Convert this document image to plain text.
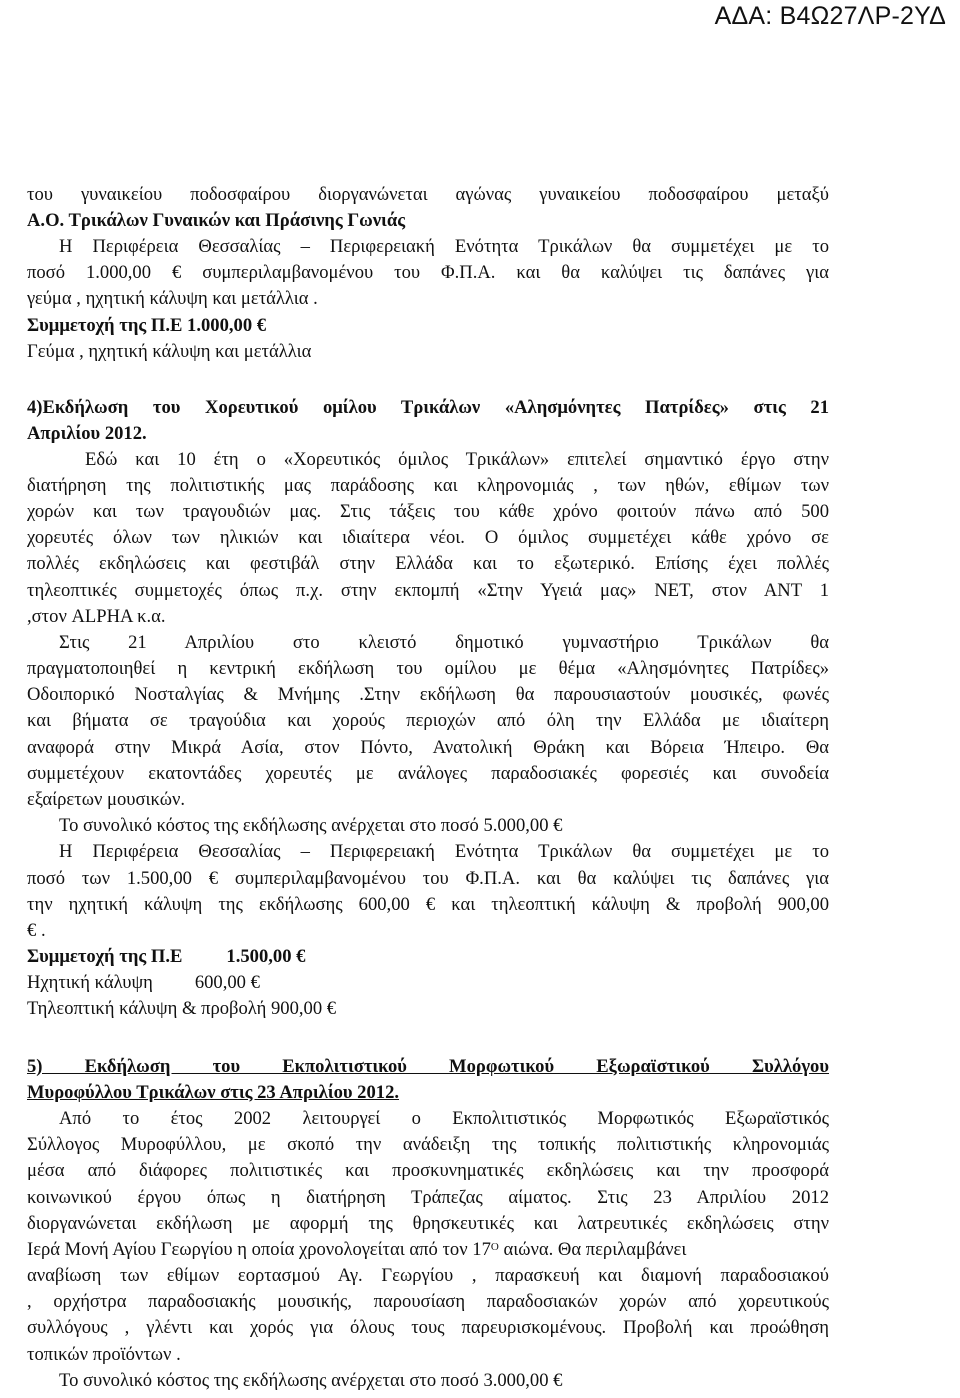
ΑΔΑ: Β4Ω27ΛΡ-2ΥΔ
του γυναικείου ποδοσφαίρου διοργανώνεται αγώνας γυναικείου ποδοσφαίρου μεταξύ
Α.Ο. Τρικάλων Γυναικών και Πράσινης Γωνιάς
Η Περιφέρεια Θεσσαλίας – Περιφερειακή Ενότητα Τρικάλων θα συμμετέχει με το
ποσό 1.000,00 € συμπεριλαμβανομένου του Φ.Π.Α. και θα καλύψει τις δαπάνες για
γεύμα , ηχητική κάλυψη και μετάλλια .
Συμμετοχή της Π.Ε 1.000,00 €
Γεύμα , ηχητική κάλυψη και μετάλλια
4)Εκδήλωση του Χορευτικού ομίλου Τρικάλων «Αλησμόνητες Πατρίδες» στις 21
Απριλίου 2012.
Εδώ και 10 έτη ο «Χορευτικός όμιλος Τρικάλων» επιτελεί σημαντικό έργο στην
διατήρηση της πολιτιστικής μας παράδοσης και κληρονομιάς , των ηθών, εθίμων των
χορών και των τραγουδιών μας. Στις τάξεις του κάθε χρόνο φοιτούν πάνω από 500
χορευτές όλων των ηλικιών και ιδιαίτερα νέοι. Ο όμιλος συμμετέχει κάθε χρόνο σε
πολλές εκδηλώσεις και φεστιβάλ στην Ελλάδα και το εξωτερικό. Επίσης έχει πολλές
τηλεοπτικές συμμετοχές όπως π.χ. στην εκπομπή «Στην Υγειά μας» ΝΕΤ, στον ΑΝΤ 1
,στον ALPHA κ.α.
Στις 21 Απριλίου στο κλειστό δημοτικό γυμναστήριο Τρικάλων θα
πραγματοποιηθεί η κεντρική εκδήλωση του ομίλου με θέμα «Αλησμόνητες Πατρίδες»
Οδοιπορικό Νοσταλγίας & Μνήμης .Στην εκδήλωση θα παρουσιαστούν μουσικές, φωνές
και βήματα σε τραγούδια και χορούς περιοχών από όλη την Ελλάδα με ιδιαίτερη
αναφορά στην Μικρά Ασία, στον Πόντο, Ανατολική Θράκη και Βόρεια Ήπειρο. Θα
συμμετέχουν εκατοντάδες χορευτές με ανάλογες παραδοσιακές φορεσιές και συνοδεία
εξαίρετων μουσικών.
Το συνολικό κόστος της εκδήλωσης ανέρχεται στο ποσό 5.000,00 €
Η Περιφέρεια Θεσσαλίας – Περιφερειακή Ενότητα Τρικάλων θα συμμετέχει με το
ποσό των 1.500,00 € συμπεριλαμβανομένου του Φ.Π.Α. και θα καλύψει τις δαπάνες για
την ηχητική κάλυψη της εκδήλωσης 600,00 € και τηλεοπτική κάλυψη & προβολή 900,00
€ .
Συμμετοχή της Π.Ε 1.500,00 €
Ηχητική κάλυψη 600,00 €
Τηλεοπτική κάλυψη & προβολή 900,00 €
5) Εκδήλωση του Εκπολιτιστικού Μορφωτικού Εξωραϊστικού Συλλόγου
Μυροφύλλου Τρικάλων στις 23 Απριλίου 2012.
Από το έτος 2002 λειτουργεί ο Εκπολιτιστικός Μορφωτικός Εξωραϊστικός
Σύλλογος Μυροφύλλου, με σκοπό την ανάδειξη της τοπικής πολιτιστικής κληρονομιάς
μέσα από διάφορες πολιτιστικές και προσκυνηματικές εκδηλώσεις και την προσφορά
κοινωνικού έργου όπως η διατήρηση Τράπεζας αίματος. Στις 23 Απριλίου 2012
διοργανώνεται εκδήλωση με αφορμή της θρησκευτικές και λατρευτικές εκδηλώσεις στην
Ιερά Μονή Αγίου Γεωργίου η οποία χρονολογείται από τον $17^O$ αιώνα. Θα περιλαμβάνει
αναβίωση των εθίμων εορτασμού Αγ. Γεωργίου , παρασκευή και διαμονή παραδοσιακού
, ορχήστρα παραδοσιακής μουσικής, παρουσίαση παραδοσιακών χορών από χορευτικούς
συλλόγους , γλέντι και χορός για όλους τους παρευρισκομένους. Προβολή και προώθηση
τοπικών προϊόντων .
Το συνολικό κόστος της εκδήλωσης ανέρχεται στο ποσό 3.000,00 €
